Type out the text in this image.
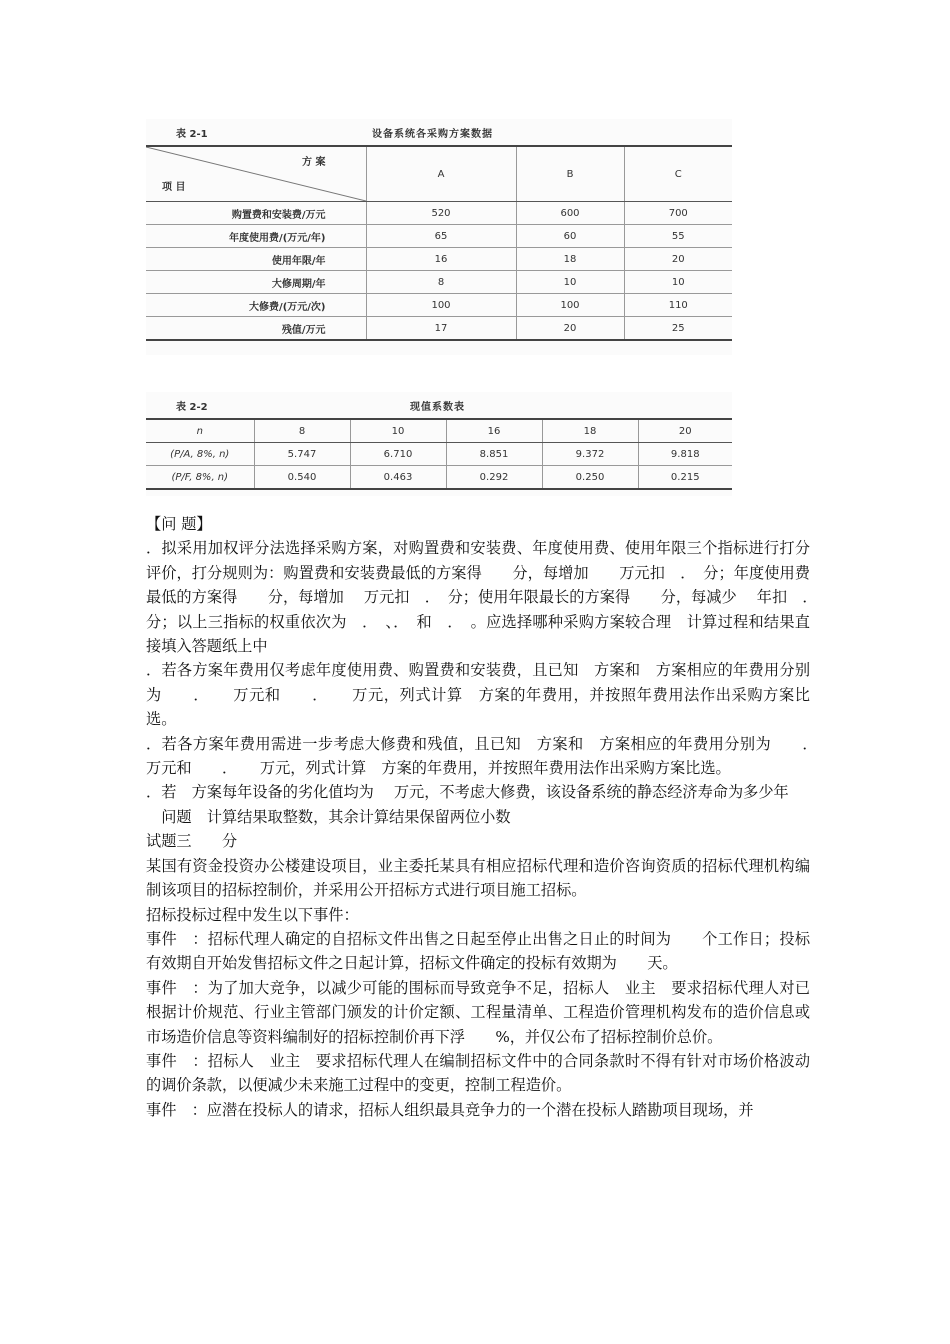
表 2-1	设备系统各采购方案数据
方 案
项 目	A	B	C
购置费和安装费/万元	520	600	700
年度使用费/(万元/年)	65	60	55
使用年限/年	16	18	20
大修周期/年	8	10	10
大修费/(万元/次)	100	100	110
残值/万元	17	20	25
表 2-2	现值系数表
n	8	10	16	18	20
(P/A, 8%, n)	5.747	6.710	8.851	9.372	9.818
(P/F, 8%, n)	0.540	0.463	0.292	0.250	0.215

【问 题】

．拟采用加权评分法选择采购方案，对购置费和安装费、年度使用费、使用年限三个指标进行打分评价，打分规则为：购置费和安装费最低的方案得　　分，每增加　　万元扣　．　分；年度使用费最低的方案得　　分，每增加　 万元扣　．　分；使用年限最长的方案得　　分，每减少　 年扣　．　分；以上三指标的权重依次为　．　、．　和　．　。应选择哪种采购方案较合理　计算过程和结果直接填入答题纸上中

．若各方案年费用仅考虑年度使用费、购置费和安装费，且已知　方案和　方案相应的年费用分别为　　．　　万元和　　．　　万元，列式计算　方案的年费用，并按照年费用法作出采购方案比选。

．若各方案年费用需进一步考虑大修费和残值，且已知　方案和　方案相应的年费用分别为　　．　　万元和　　．　　万元，列式计算　方案的年费用，并按照年费用法作出采购方案比选。

．若　方案每年设备的劣化值均为　 万元，不考虑大修费，该设备系统的静态经济寿命为多少年

　问题　计算结果取整数，其余计算结果保留两位小数

试题三　　分

某国有资金投资办公楼建设项目，业主委托某具有相应招标代理和造价咨询资质的招标代理机构编制该项目的招标控制价，并采用公开招标方式进行项目施工招标。

招标投标过程中发生以下事件：

事件　：招标代理人确定的自招标文件出售之日起至停止出售之日止的时间为　　个工作日；投标有效期自开始发售招标文件之日起计算，招标文件确定的投标有效期为　　天。

事件　：为了加大竞争，以减少可能的围标而导致竞争不足，招标人　业主　要求招标代理人对已根据计价规范、行业主管部门颁发的计价定额、工程量清单、工程造价管理机构发布的造价信息或市场造价信息等资料编制好的招标控制价再下浮　　%，并仅公布了招标控制价总价。

事件　：招标人　业主　要求招标代理人在编制招标文件中的合同条款时不得有针对市场价格波动的调价条款，以便减少未来施工过程中的变更，控制工程造价。

事件　：应潜在投标人的请求，招标人组织最具竞争力的一个潜在投标人踏勘项目现场，并
